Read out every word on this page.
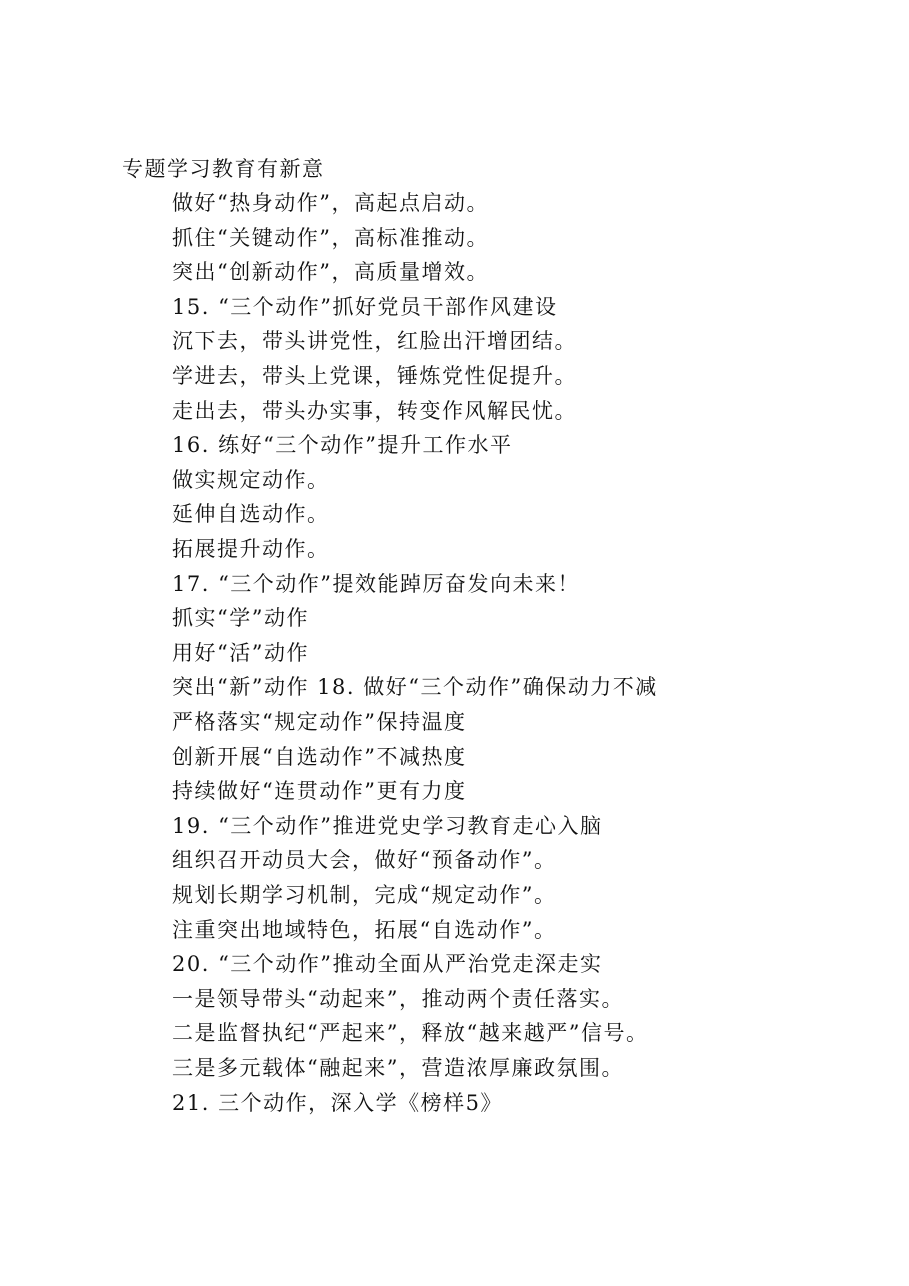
专题学习教育有新意
做好“热身动作”，高起点启动。
抓住“关键动作”，高标准推动。
突出“创新动作”，高质量增效。
15. “三个动作”抓好党员干部作风建设
沉下去，带头讲党性，红脸出汗增团结。
学进去，带头上党课，锤炼党性促提升。
走出去，带头办实事，转变作风解民忧。
16. 练好“三个动作”提升工作水平
做实规定动作。
延伸自选动作。
拓展提升动作。
17. “三个动作”提效能踔厉奋发向未来！
抓实“学”动作
用好“活”动作
突出“新”动作 18. 做好“三个动作”确保动力不减
严格落实“规定动作”保持温度
创新开展“自选动作”不减热度
持续做好“连贯动作”更有力度
19. “三个动作”推进党史学习教育走心入脑
组织召开动员大会，做好“预备动作”。
规划长期学习机制，完成“规定动作”。
注重突出地域特色，拓展“自选动作”。
20. “三个动作”推动全面从严治党走深走实
一是领导带头“动起来”，推动两个责任落实。
二是监督执纪“严起来”，释放“越来越严”信号。
三是多元载体“融起来”，营造浓厚廉政氛围。
21. 三个动作，深入学《榜样5》
